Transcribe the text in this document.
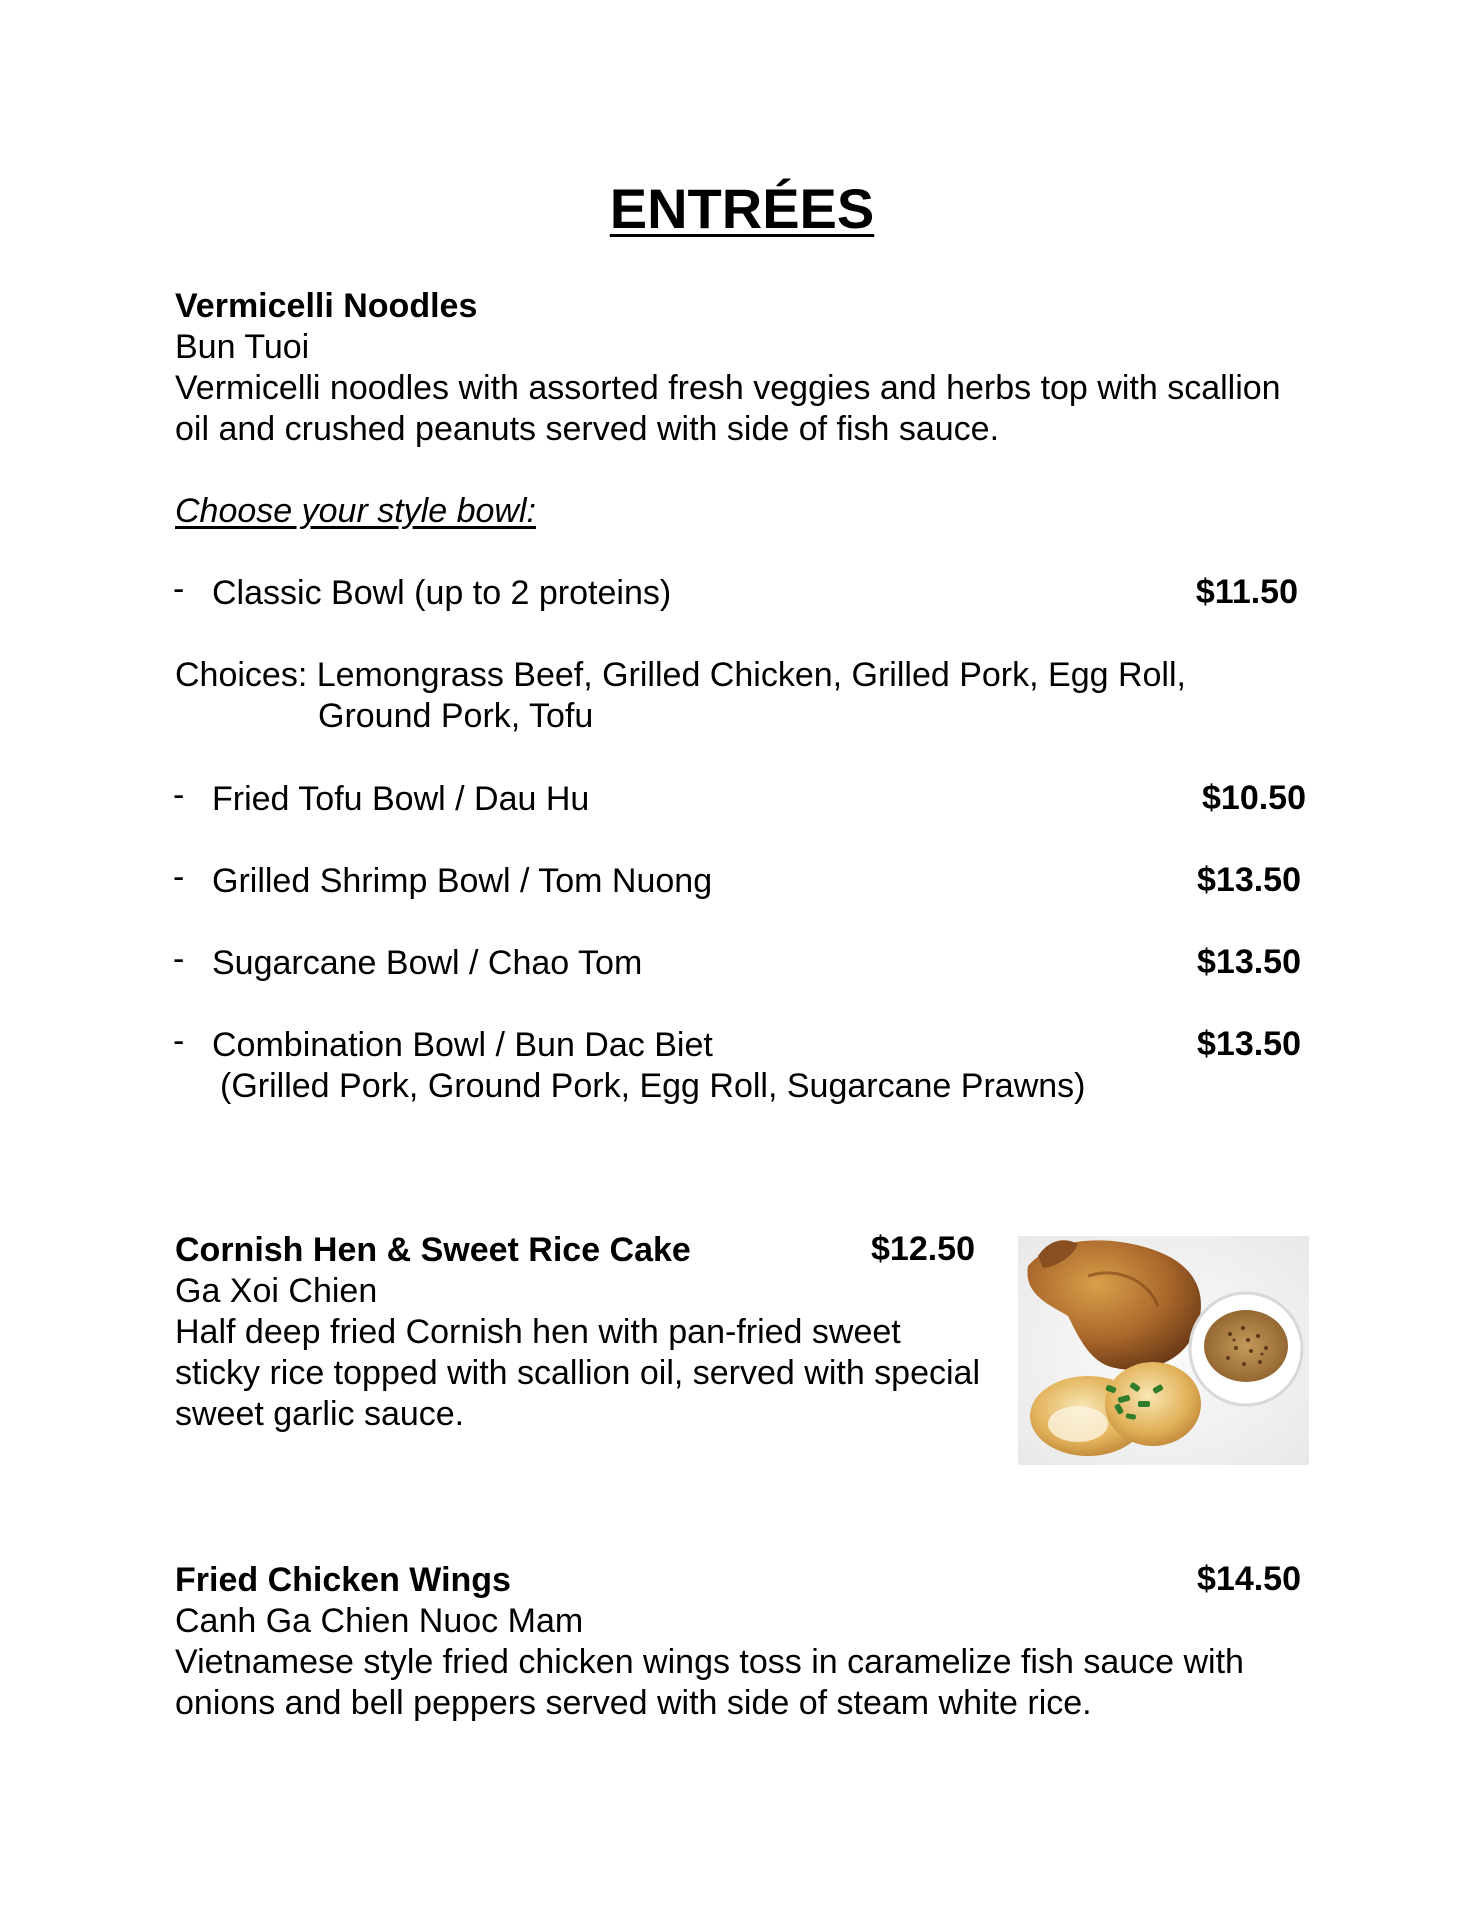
ENTRÉES
Vermicelli Noodles
Bun Tuoi
Vermicelli noodles with assorted fresh veggies and herbs top with scallion
oil and crushed peanuts served with side of fish sauce.
Choose your style bowl:
- Classic Bowl (up to 2 proteins)	$11.50
Choices: Lemongrass Beef, Grilled Chicken, Grilled Pork, Egg Roll,
Ground Pork, Tofu
- Fried Tofu Bowl / Dau Hu	$10.50
- Grilled Shrimp Bowl / Tom Nuong	$13.50
- Sugarcane Bowl / Chao Tom	$13.50
- Combination Bowl / Bun Dac Biet	$13.50
(Grilled Pork, Ground Pork, Egg Roll, Sugarcane Prawns)
Cornish Hen & Sweet Rice Cake	$12.50
Ga Xoi Chien
Half deep fried Cornish hen with pan-fried sweet
sticky rice topped with scallion oil, served with special
sweet garlic sauce.
Fried Chicken Wings	$14.50
Canh Ga Chien Nuoc Mam
Vietnamese style fried chicken wings toss in caramelize fish sauce with
onions and bell peppers served with side of steam white rice.
